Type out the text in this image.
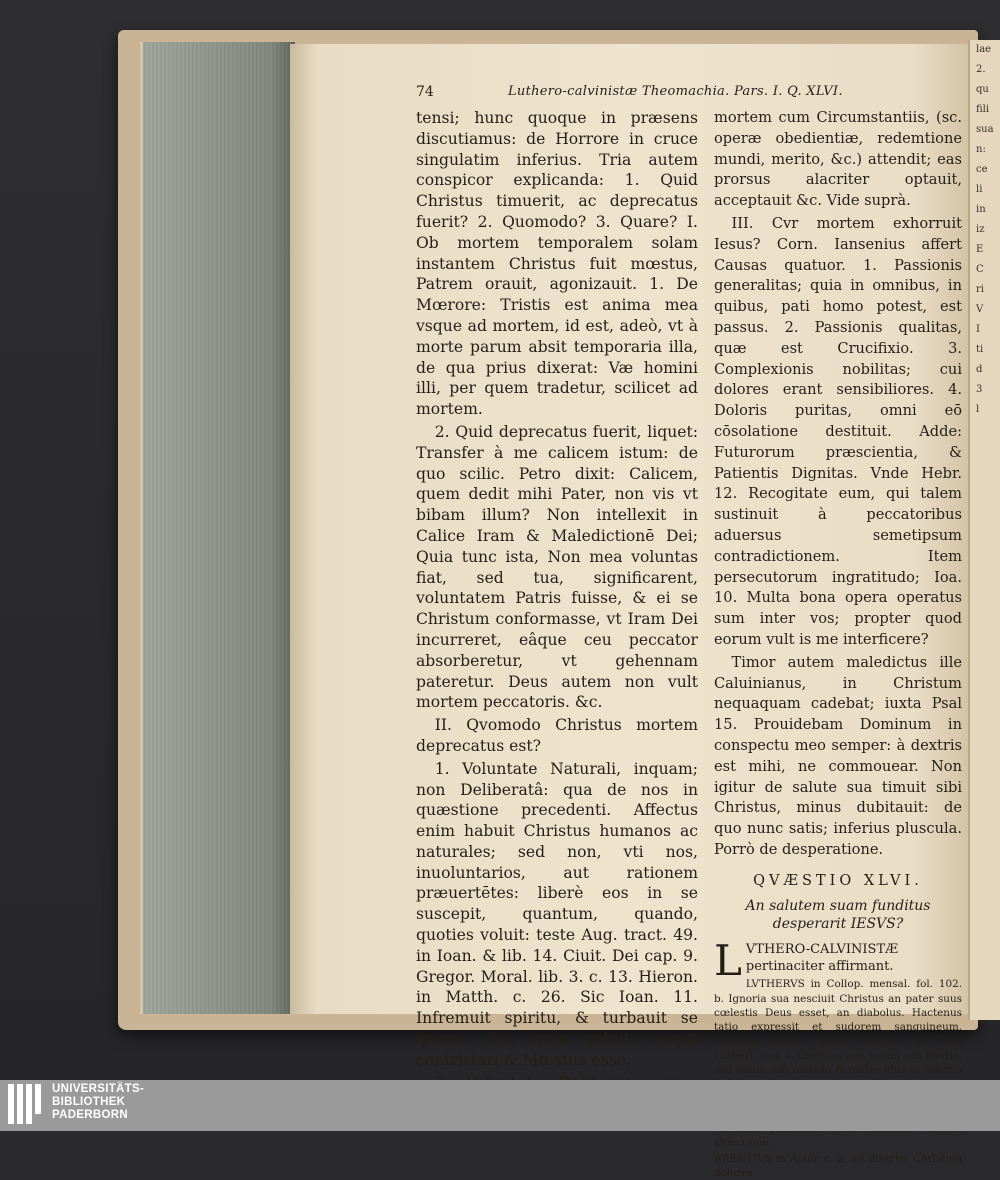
74	Luthero-calvinistæ Theomachia. Pars. I. Q. XLVI.

tensi; hunc quoque in præsens discutiamus: de Horrore in cruce singulatim inferius. Tria autem conspicor explicanda: 1. Quid Christus timuerit, ac deprecatus fuerit? 2. Quomodo? 3. Quare? I. Ob mortem temporalem solam instantem Christus fuit mœstus, Patrem orauit, agonizauit. 1. De Mœrore: Tristis est anima mea vsque ad mortem, id est, adeò, vt à morte parum absit temporaria illa, de qua prius dixerat: Væ homini illi, per quem tradetur, scilicet ad mortem.

2. Quid deprecatus fuerit, liquet: Transfer à me calicem istum: de quo scilic. Petro dixit: Calicem, quem dedit mihi Pater, non vis vt bibam illum? Non intellexit in Calice Iram & Maledictionē Dei; Quia tunc ista, Non mea voluntas fiat, sed tua, significarent, voluntatem Patris fuisse, & ei se Christum conformasse, vt Iram Dei incurreret, eâque ceu peccator absorberetur, vt gehennam pateretur. Deus autem non vult mortem peccatoris. &c.

II. Qvomodo Christus mortem deprecatus est?

1. Voluntate Naturali, inquam; non Deliberatâ: qua de nos in quæstione precedenti. Affectus enim habuit Christus humanos ac naturales; sed non, vti nos, inuoluntarios, aut rationem præuertētes: liberè eos in se suscepit, quantum, quando, quoties voluit: teste Aug. tract. 49. in Ioan. & lib. 14. Ciuit. Dei cap. 9. Gregor. Moral. lib. 3. c. 13. Hieron. in Matth. c. 26. Sic Ioan. 11. Infremuit spiritu, & turbauit se ipsum. Sic, quia voluit, cœpit contristari & Mœstus esse.

mortem cum Circumstantiis, (sc. operæ obedientiæ, redemtione mundi, merito, &c.) attendit; eas prorsus alacriter optauit, acceptauit &c. Vide suprà.

III. Cvr mortem exhorruit Iesus? Corn. Iansenius affert Causas quatuor. 1. Passionis generalitas; quia in omnibus, in quibus, pati homo potest, est passus. 2. Passionis qualitas, quæ est Crucifixio. 3. Complexionis nobilitas; cui dolores erant sensibiliores. 4. Doloris puritas, omni eō cōsolatione destituit. Adde: Futurorum præscientia, & Patientis Dignitas. Vnde Hebr. 12. Recogitate eum, qui talem sustinuit à peccatoribus aduersus semetipsum contradictionem. Item persecutorum ingratitudo; Ioa. 10. Multa bona opera operatus sum inter vos; propter quod eorum vult is me interficere?

Timor autem maledictus ille Caluinianus, in Christum nequaquam cadebat; iuxta Psal 15. Prouidebam Dominum in conspectu meo semper: à dextris est mihi, ne commouear. Non igitur de salute sua timuit sibi Christus, minus dubitauit: de quo nunc satis; inferius pluscula. Porrò de desperatione.

QVÆSTIO XLVI.

An salutem suam funditus desperarit IESVS?

LVTHERO-CALVINISTÆ pertinaciter affirmant.

LVTHERVS in Collop. mensal. fol. 102. b. Ignoria sua nesciuit Christus an pater suus cœlestis Deus esset, an diabolus. Hactenus tatio expressit et sudorem sanguineum. Nicolaus Gallus, apud Andream in Fidel Lutheri, cap. 4. Christus non solum sub Pontio, sed etiam sub diabolo & matre eius in inferno

abiectione.

BRENTIVS in Actor. c. 2, ait diserte: Christum dolores

lae
2.
qu
fili
sua
n:
ce
li
in
iz
E
C
ri
V
I
ti
d
3
l
UNIVERSITÄTS-
BIBLIOTHEK
PADERBORN
